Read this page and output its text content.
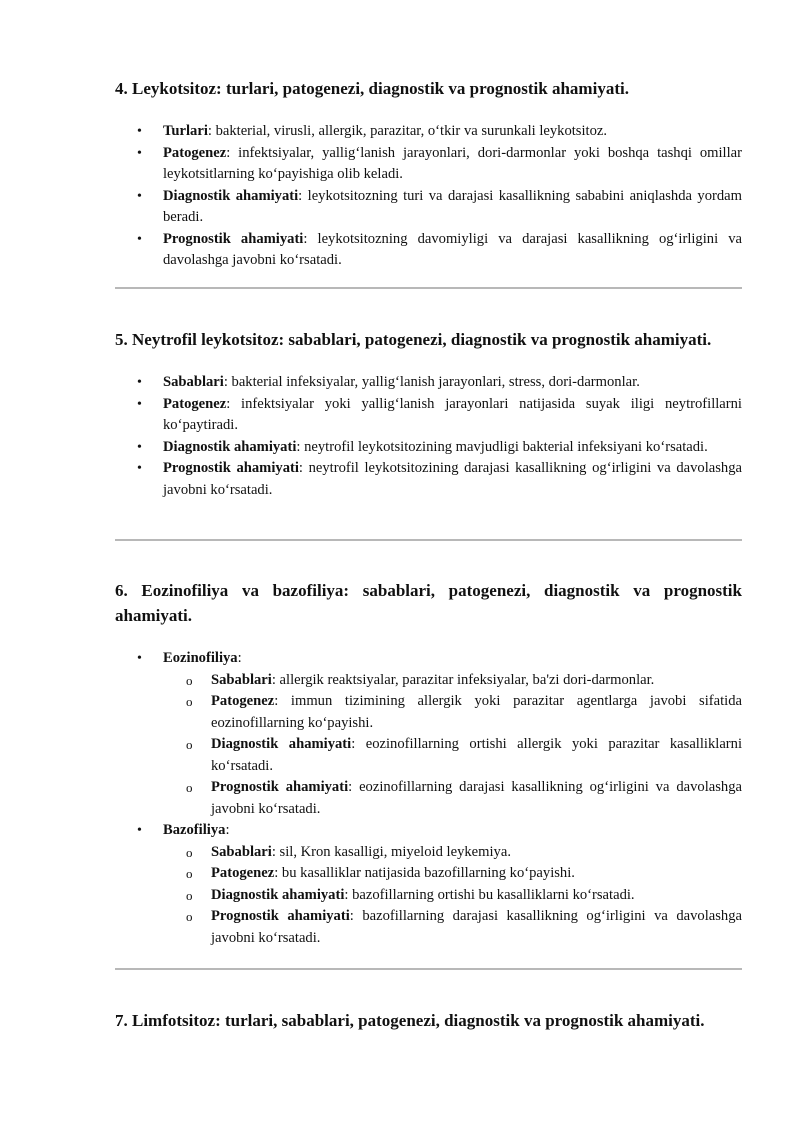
4. Leykotsitoz: turlari, patogenezi, diagnostik va prognostik ahamiyati.
• Turlari: bakterial, virusli, allergik, parazitar, o‘tkir va surunkali leykotsitoz.
• Patogenez: infektsiyalar, yallig‘lanish jarayonlari, dori-darmonlar yoki boshqa tashqi omillar leykotsitlarning ko‘payishiga olib keladi.
• Diagnostik ahamiyati: leykotsitozning turi va darajasi kasallikning sababini aniqlashda yordam beradi.
• Prognostik ahamiyati: leykotsitozning davomiyligi va darajasi kasallikning og‘irligini va davolashga javobni ko‘rsatadi.
5. Neytrofil leykotsitoz: sabablari, patogenezi, diagnostik va prognostik ahamiyati.
• Sabablari: bakterial infeksiyalar, yallig‘lanish jarayonlari, stress, dori-darmonlar.
• Patogenez: infektsiyalar yoki yallig‘lanish jarayonlari natijasida suyak iligi neytrofillarni ko‘paytiradi.
• Diagnostik ahamiyati: neytrofil leykotsitozining mavjudligi bakterial infeksiyani ko‘rsatadi.
• Prognostik ahamiyati: neytrofil leykotsitozining darajasi kasallikning og‘irligini va davolashga javobni ko‘rsatadi.
6. Eozinofiliya va bazofiliya: sabablari, patogenezi, diagnostik va prognostik ahamiyati.
• Eozinofiliya:
o Sabablari: allergik reaktsiyalar, parazitar infeksiyalar, ba'zi dori-darmonlar.
o Patogenez: immun tizimining allergik yoki parazitar agentlarga javobi sifatida eozinofillarning ko‘payishi.
o Diagnostik ahamiyati: eozinofillarning ortishi allergik yoki parazitar kasalliklarni ko‘rsatadi.
o Prognostik ahamiyati: eozinofillarning darajasi kasallikning og‘irligini va davolashga javobni ko‘rsatadi.
• Bazofiliya:
o Sabablari: sil, Kron kasalligi, miyeloid leykemiya.
o Patogenez: bu kasalliklar natijasida bazofillarning ko‘payishi.
o Diagnostik ahamiyati: bazofillarning ortishi bu kasalliklarni ko‘rsatadi.
o Prognostik ahamiyati: bazofillarning darajasi kasallikning og‘irligini va davolashga javobni ko‘rsatadi.
7. Limfotsitoz: turlari, sabablari, patogenezi, diagnostik va prognostik ahamiyati.
